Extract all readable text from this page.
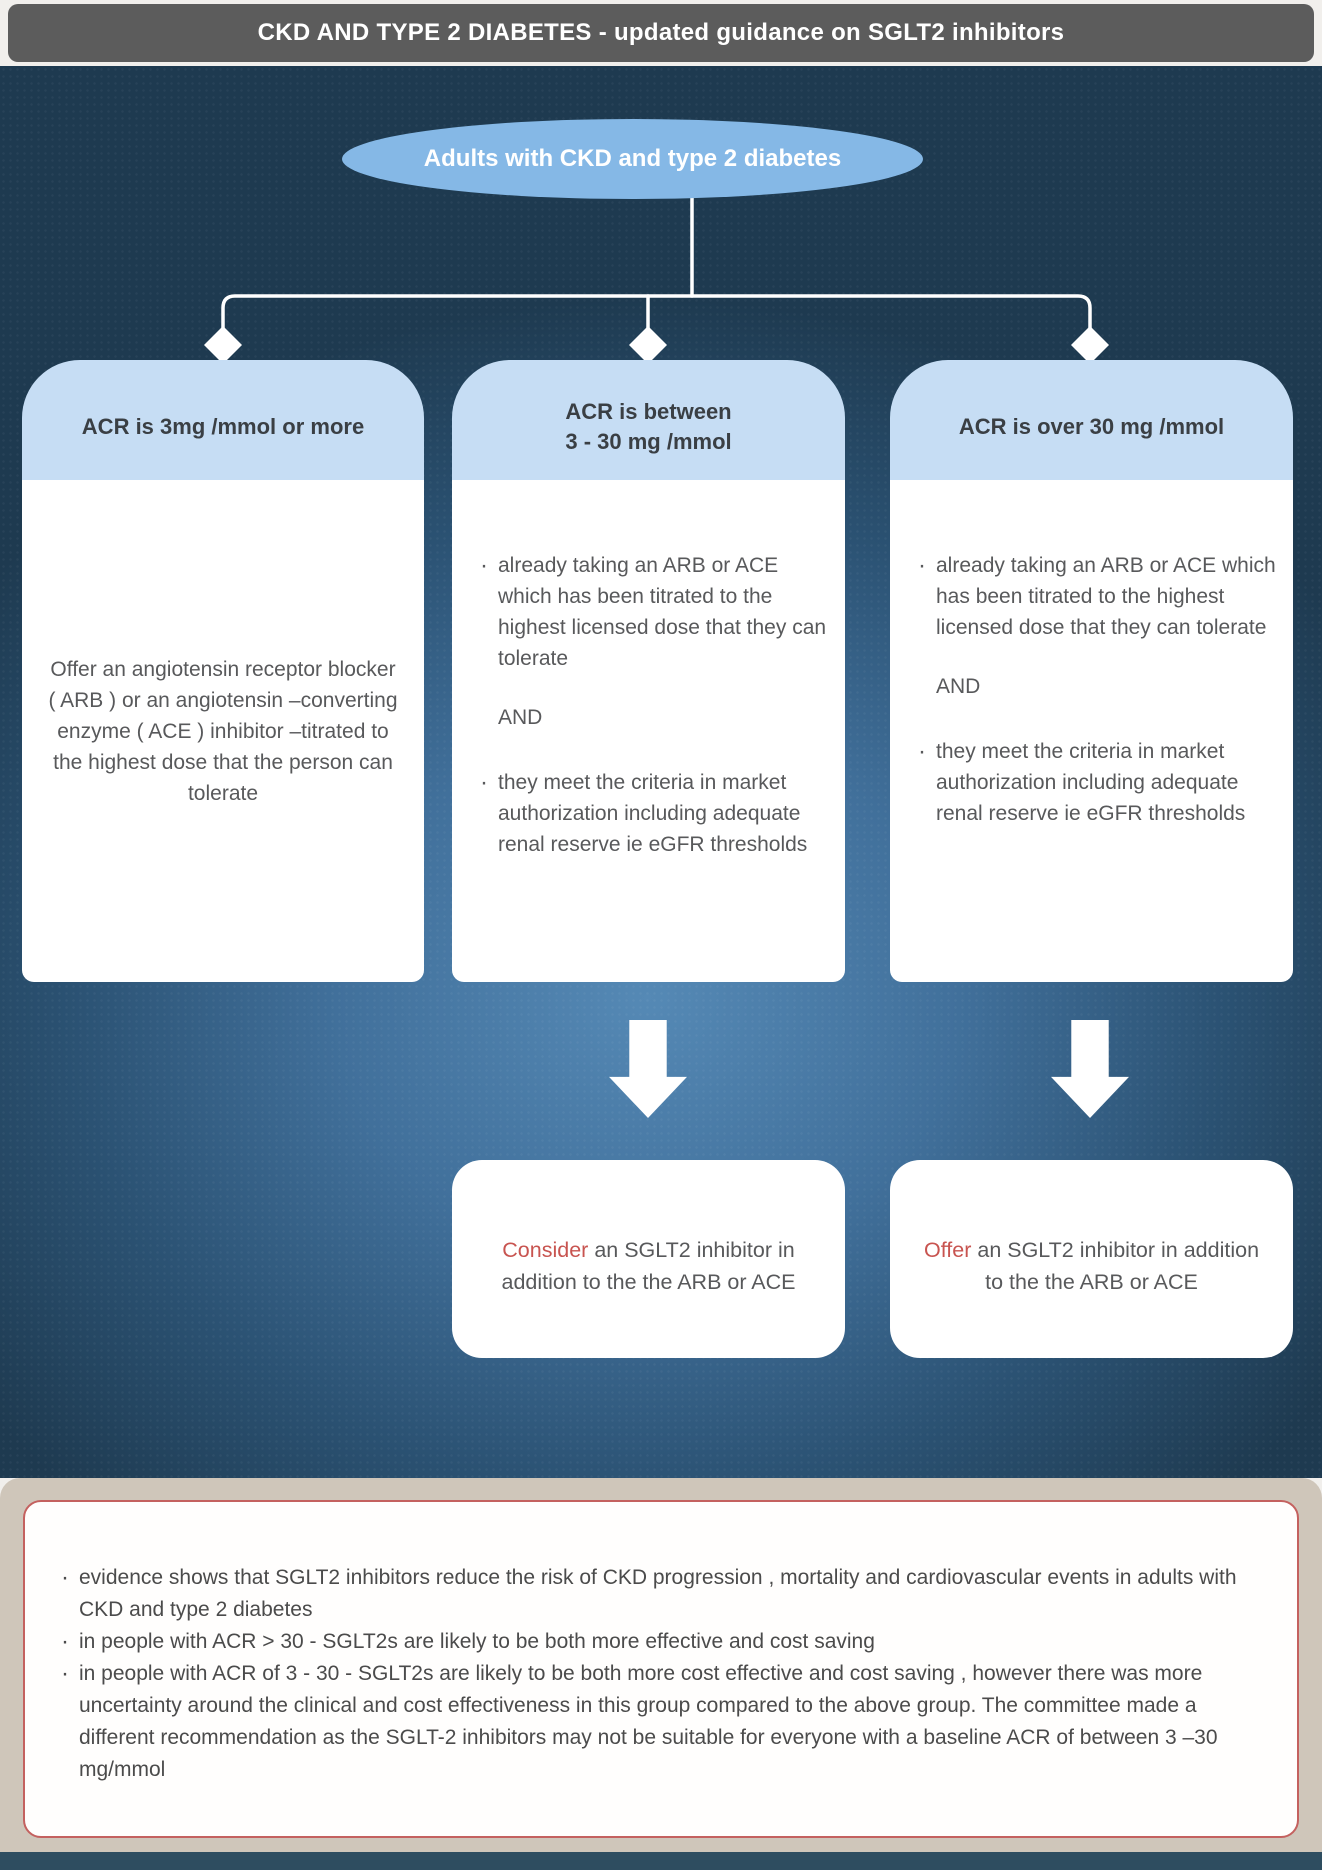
CKD AND TYPE 2 DIABETES - updated guidance on SGLT2 inhibitors
Adults with CKD and type 2 diabetes
ACR is 3mg /mmol or more

Offer an angiotensin receptor blocker ( ARB ) or an angiotensin –converting enzyme ( ACE ) inhibitor –titrated to the highest dose that the person can tolerate

ACR is between
3 - 30 mg /mmol
· already taking an ARB or ACE which has been titrated to the highest licensed dose that they can tolerate
AND
· they meet the criteria in market authorization including adequate renal reserve ie eGFR thresholds
ACR is over 30 mg /mmol
· already taking an ARB or ACE which has been titrated to the highest licensed dose that they can tolerate
AND
· they meet the criteria in market authorization including adequate renal reserve ie eGFR thresholds

Consider an SGLT2 inhibitor in addition to the the ARB or ACE

Offer an SGLT2 inhibitor in addition to the the ARB or ACE

· evidence shows that SGLT2 inhibitors reduce the risk of CKD progression , mortality and cardiovascular events in adults with CKD and type 2 diabetes

· in people with ACR > 30 - SGLT2s are likely to be both more effective and cost saving

· in people with ACR of 3 - 30 - SGLT2s are likely to be both more cost effective and cost saving , however there was more uncertainty around the clinical and cost effectiveness in this group compared to the above group. The committee made a different recommendation as the SGLT-2 inhibitors may not be suitable for everyone with a baseline ACR of between 3 –30 mg/mmol
